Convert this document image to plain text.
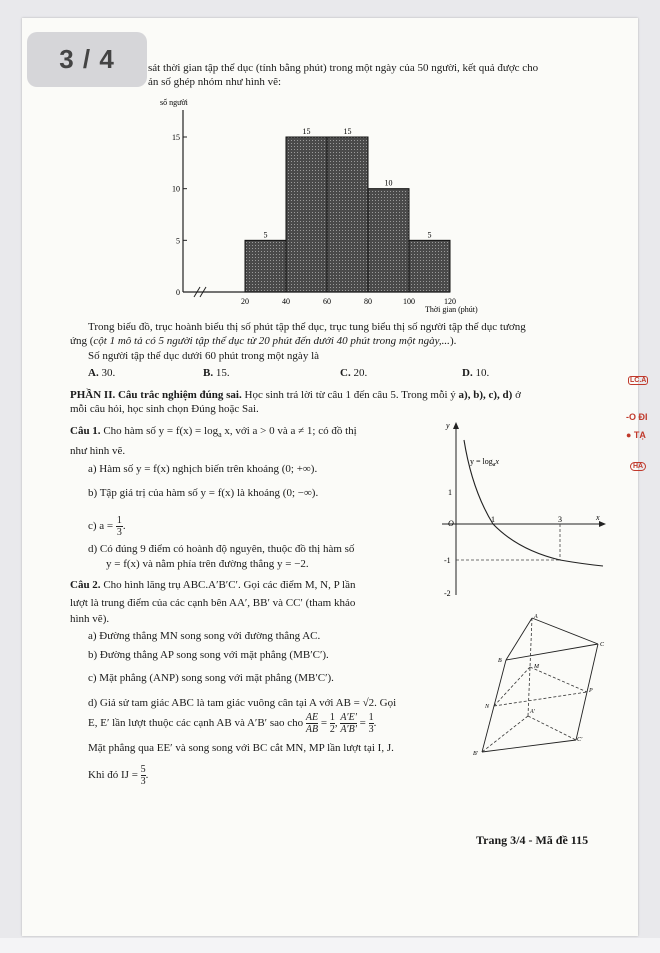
3 / 4	sát thời gian tập thể dục (tính bằng phút) trong một ngày của 50 người, kết quả được cho
ản số ghép nhóm như hình vẽ:
số người
5
15	15
10
5
20	40	60	80	100	120
0
5
10
15
Thời gian (phút)
Trong biểu đồ, trục hoành biểu thị số phút tập thể dục, trục tung biểu thị số người tập thể dục tương
ứng (cột 1 mô tả có 5 người tập thể dục từ 20 phút đến dưới 40 phút trong một ngày,...).
Số người tập thể dục dưới 60 phút trong một ngày là
A. 30.	B. 15.	C. 20.	D. 10.
PHẦN II. Câu trắc nghiệm đúng sai. Học sinh trả lời từ câu 1 đến câu 5. Trong mỗi ý a), b), c), d) ở
mỗi câu hỏi, học sinh chọn Đúng hoặc Sai.
Câu 1. Cho hàm số $y = f(x) = \log_a x$, với a > 0 và a ≠ 1; có đồ thị
như hình vẽ.
a) Hàm số y = f(x) nghịch biến trên khoảng (0; +∞).
b) Tập giá trị của hàm số y = f(x) là khoảng (0; −∞).
c) $a = \frac{1}{3}$ .
d) Có đúng 9 điểm có hoành độ nguyên, thuộc đồ thị hàm số
y = f(x) và nằm phía trên đường thẳng y = −2.
y
x
O	1	3
1
-1
-2
$y = \log_ax$
Câu 2. Cho hình lăng trụ ABC.A′B′C′. Gọi các điểm M, N, P lần
lượt là trung điểm của các cạnh bên AA′, BB′ và CC′ (tham khảo
hình vẽ).
a) Đường thẳng MN song song với đường thẳng AC.
b) Đường thẳng AP song song với mặt phẳng (MB′C′).
c) Mặt phẳng (ANP) song song với mặt phẳng (MB′C′).
d) Giả sử tam giác ABC là tam giác vuông cân tại A với AB = √2. Gọi
E, E′ lần lượt thuộc các cạnh AB và A′B′ sao cho $\frac{AE}{AB} = \frac{1}{2}$ , $\frac{A'E'}{A'B'} = \frac{1}{3}$ .
Mặt phẳng qua EE′ và song song với BC cắt MN, MP lần lượt tại I, J.
Khi đó IJ = $\frac{5}{3}$ .
A
C
B
M
P
N
A′
C′
B′
Trang 3/4 - Mã đề 115
LC.A
-O ĐI
● TẠ
HA
